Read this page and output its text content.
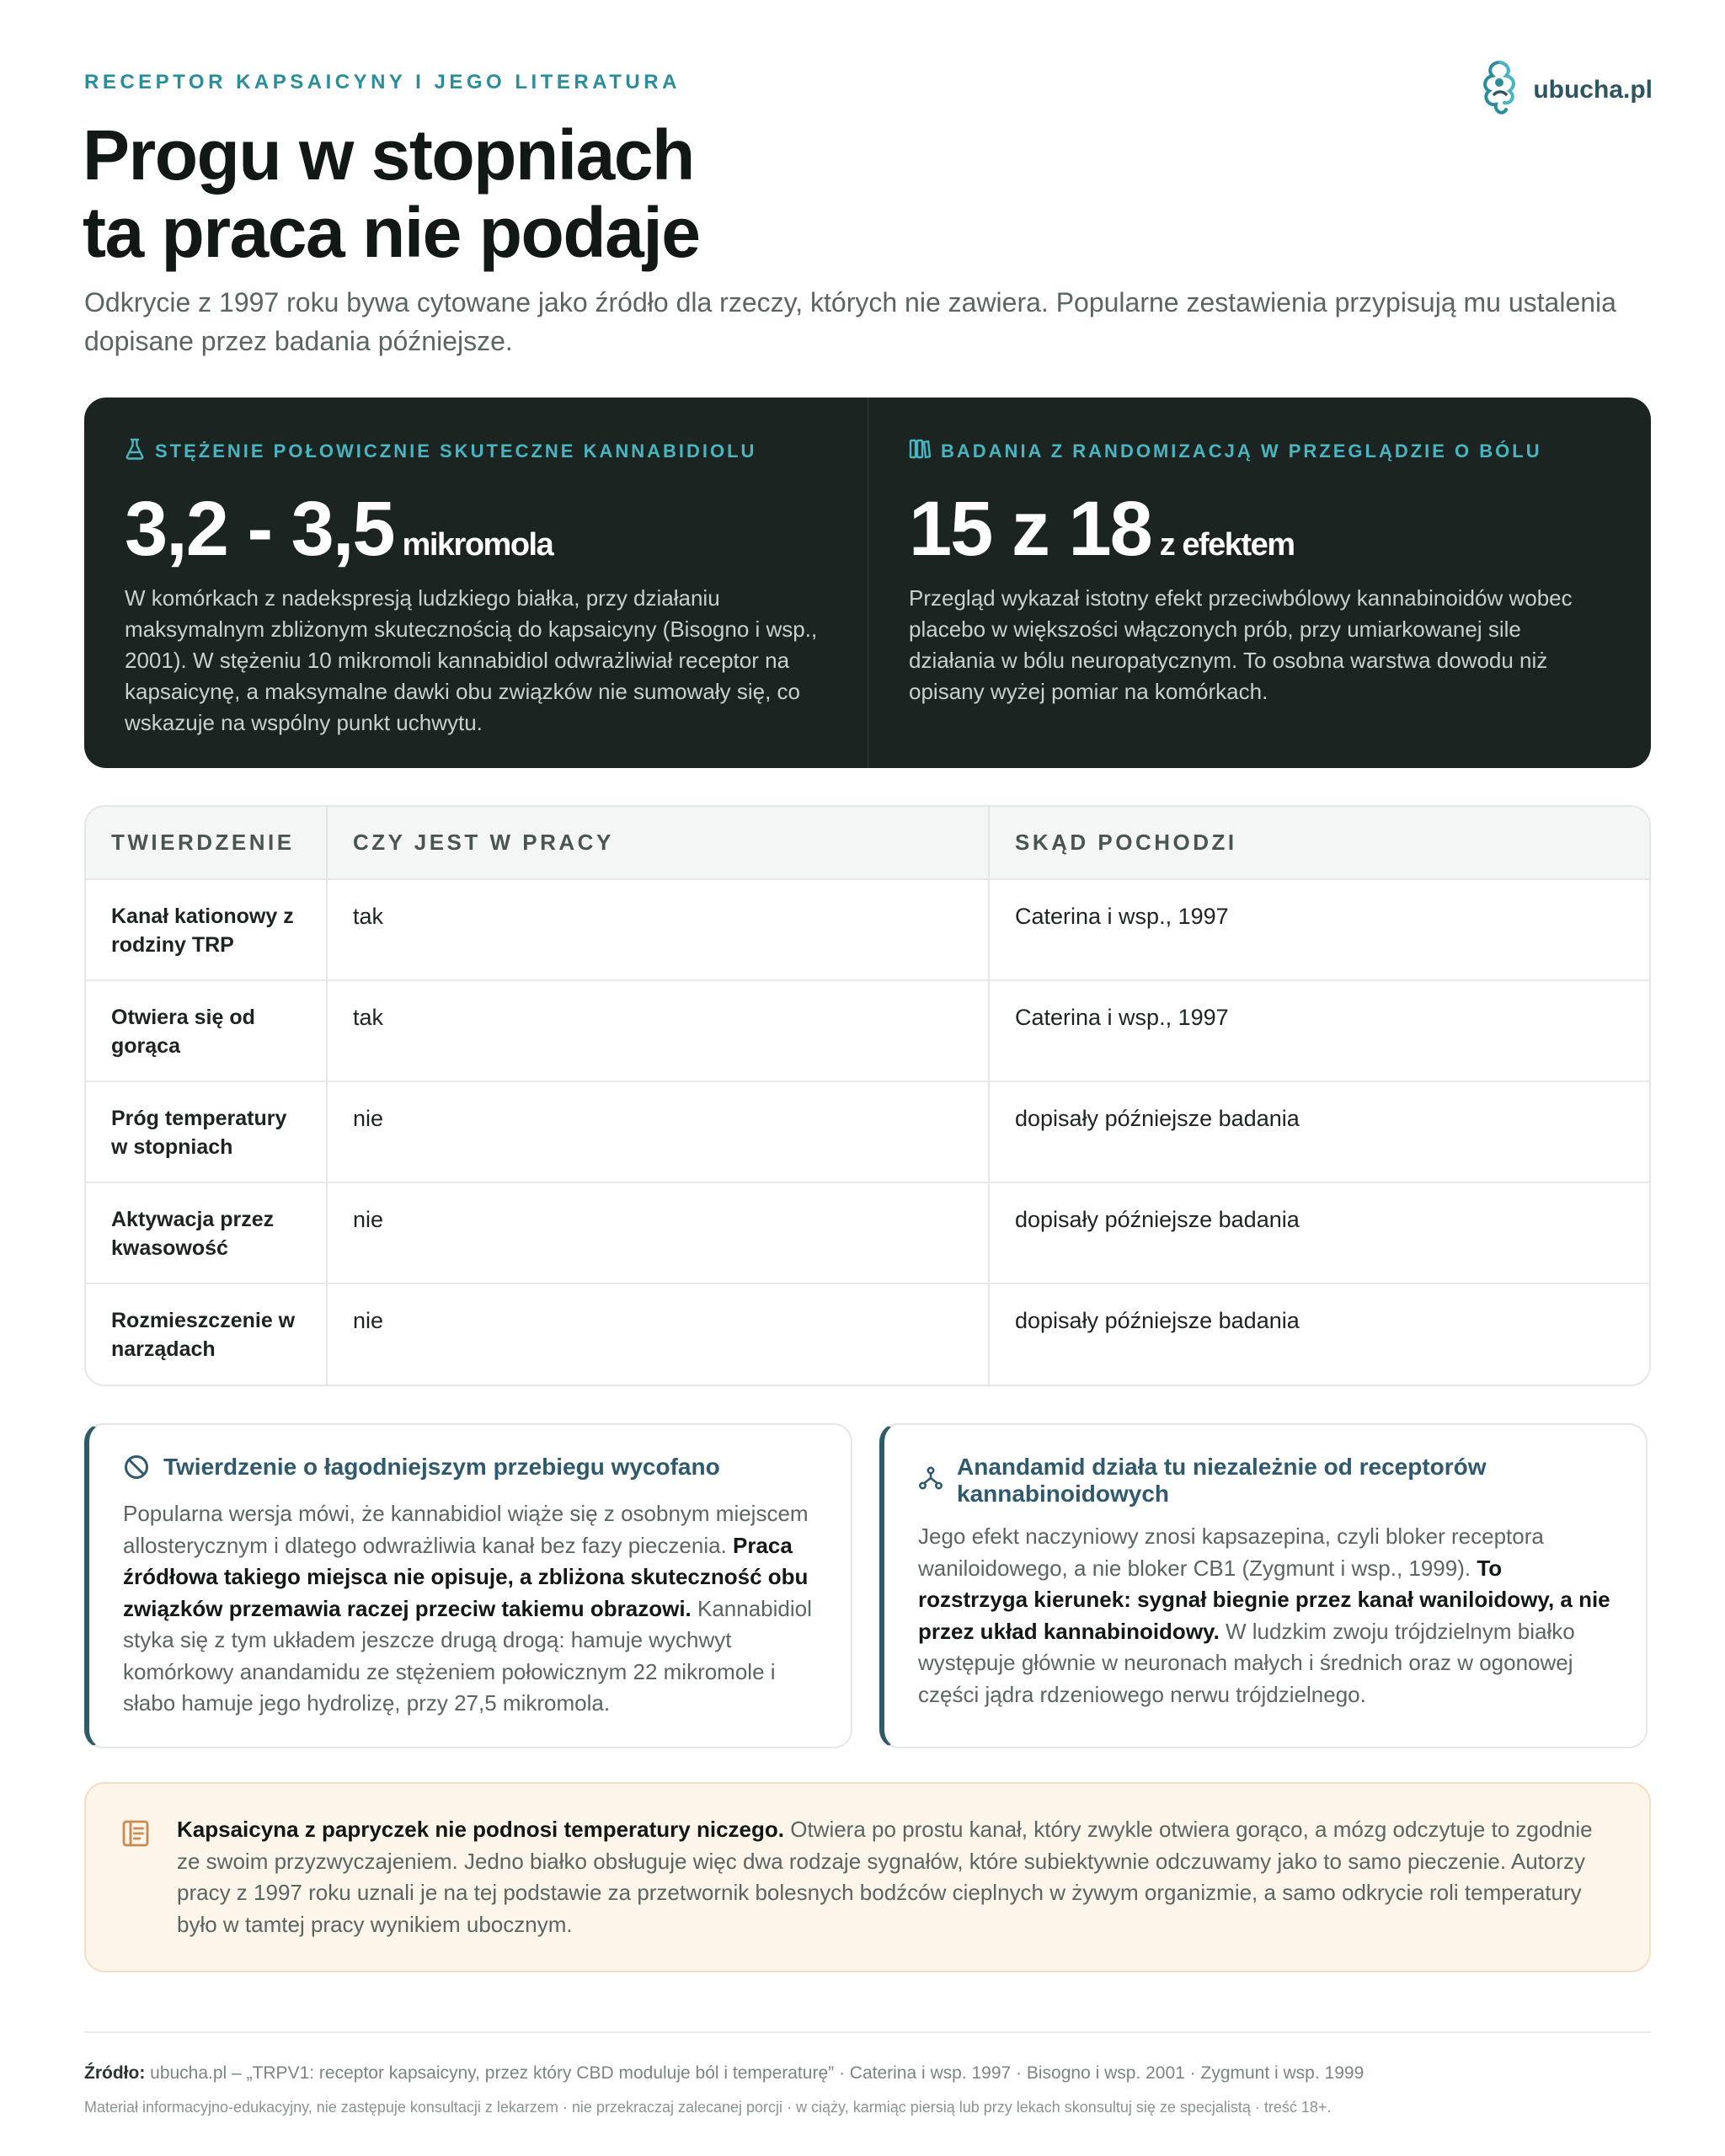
RECEPTOR KAPSAICYNY I JEGO LITERATURA	ubucha.pl
Progu w stopniach
ta praca nie podaje

Odkrycie z 1997 roku bywa cytowane jako źródło dla rzeczy, których nie zawiera. Popularne zestawienia przypisują mu ustalenia dopisane przez badania późniejsze.

STĘŻENIE POŁOWICZNIE SKUTECZNE KANNABIDIOLU
3,2 - 3,5 mikromola

W komórkach z nadekspresją ludzkiego białka, przy działaniu maksymalnym zbliżonym skutecznością do kapsaicyny (Bisogno i wsp., 2001). W stężeniu 10 mikromoli kannabidiol odwrażliwiał receptor na kapsaicynę, a maksymalne dawki obu związków nie sumowały się, co wskazuje na wspólny punkt uchwytu.

BADANIA Z RANDOMIZACJĄ W PRZEGLĄDZIE O BÓLU
15 z 18 z efektem

Przegląd wykazał istotny efekt przeciwbólowy kannabinoidów wobec placebo w większości włączonych prób, przy umiarkowanej sile działania w bólu neuropatycznym. To osobna warstwa dowodu niż opisany wyżej pomiar na komórkach.

TWIERDZENIE	CZY JEST W PRACY	SKĄD POCHODZI
Kanał kationowy z rodziny TRP	tak	Caterina i wsp., 1997
Otwiera się od gorąca	tak	Caterina i wsp., 1997
Próg temperatury w stopniach	nie	dopisały późniejsze badania
Aktywacja przez kwasowość	nie	dopisały późniejsze badania
Rozmieszczenie w narządach	nie	dopisały późniejsze badania
Twierdzenie o łagodniejszym przebiegu wycofano

Popularna wersja mówi, że kannabidiol wiąże się z osobnym miejscem allosterycznym i dlatego odwrażliwia kanał bez fazy pieczenia. Praca źródłowa takiego miejsca nie opisuje, a zbliżona skuteczność obu związków przemawia raczej przeciw takiemu obrazowi. Kannabidiol styka się z tym układem jeszcze drugą drogą: hamuje wychwyt komórkowy anandamidu ze stężeniem połowicznym 22 mikromole i słabo hamuje jego hydrolizę, przy 27,5 mikromola.

Anandamid działa tu niezależnie od receptorów kannabinoidowych

Jego efekt naczyniowy znosi kapsazepina, czyli bloker receptora waniloidowego, a nie bloker CB1 (Zygmunt i wsp., 1999). To rozstrzyga kierunek: sygnał biegnie przez kanał waniloidowy, a nie przez układ kannabinoidowy. W ludzkim zwoju trójdzielnym białko występuje głównie w neuronach małych i średnich oraz w ogonowej części jądra rdzeniowego nerwu trójdzielnego.

Kapsaicyna z papryczek nie podnosi temperatury niczego. Otwiera po prostu kanał, który zwykle otwiera gorąco, a mózg odczytuje to zgodnie ze swoim przyzwyczajeniem. Jedno białko obsługuje więc dwa rodzaje sygnałów, które subiektywnie odczuwamy jako to samo pieczenie. Autorzy pracy z 1997 roku uznali je na tej podstawie za przetwornik bolesnych bodźców cieplnych w żywym organizmie, a samo odkrycie roli temperatury było w tamtej pracy wynikiem ubocznym.

Źródło: ubucha.pl – „TRPV1: receptor kapsaicyny, przez który CBD moduluje ból i temperaturę” · Caterina i wsp. 1997 · Bisogno i wsp. 2001 · Zygmunt i wsp. 1999

Materiał informacyjno-edukacyjny, nie zastępuje konsultacji z lekarzem · nie przekraczaj zalecanej porcji · w ciąży, karmiąc piersią lub przy lekach skonsultuj się ze specjalistą · treść 18+.
